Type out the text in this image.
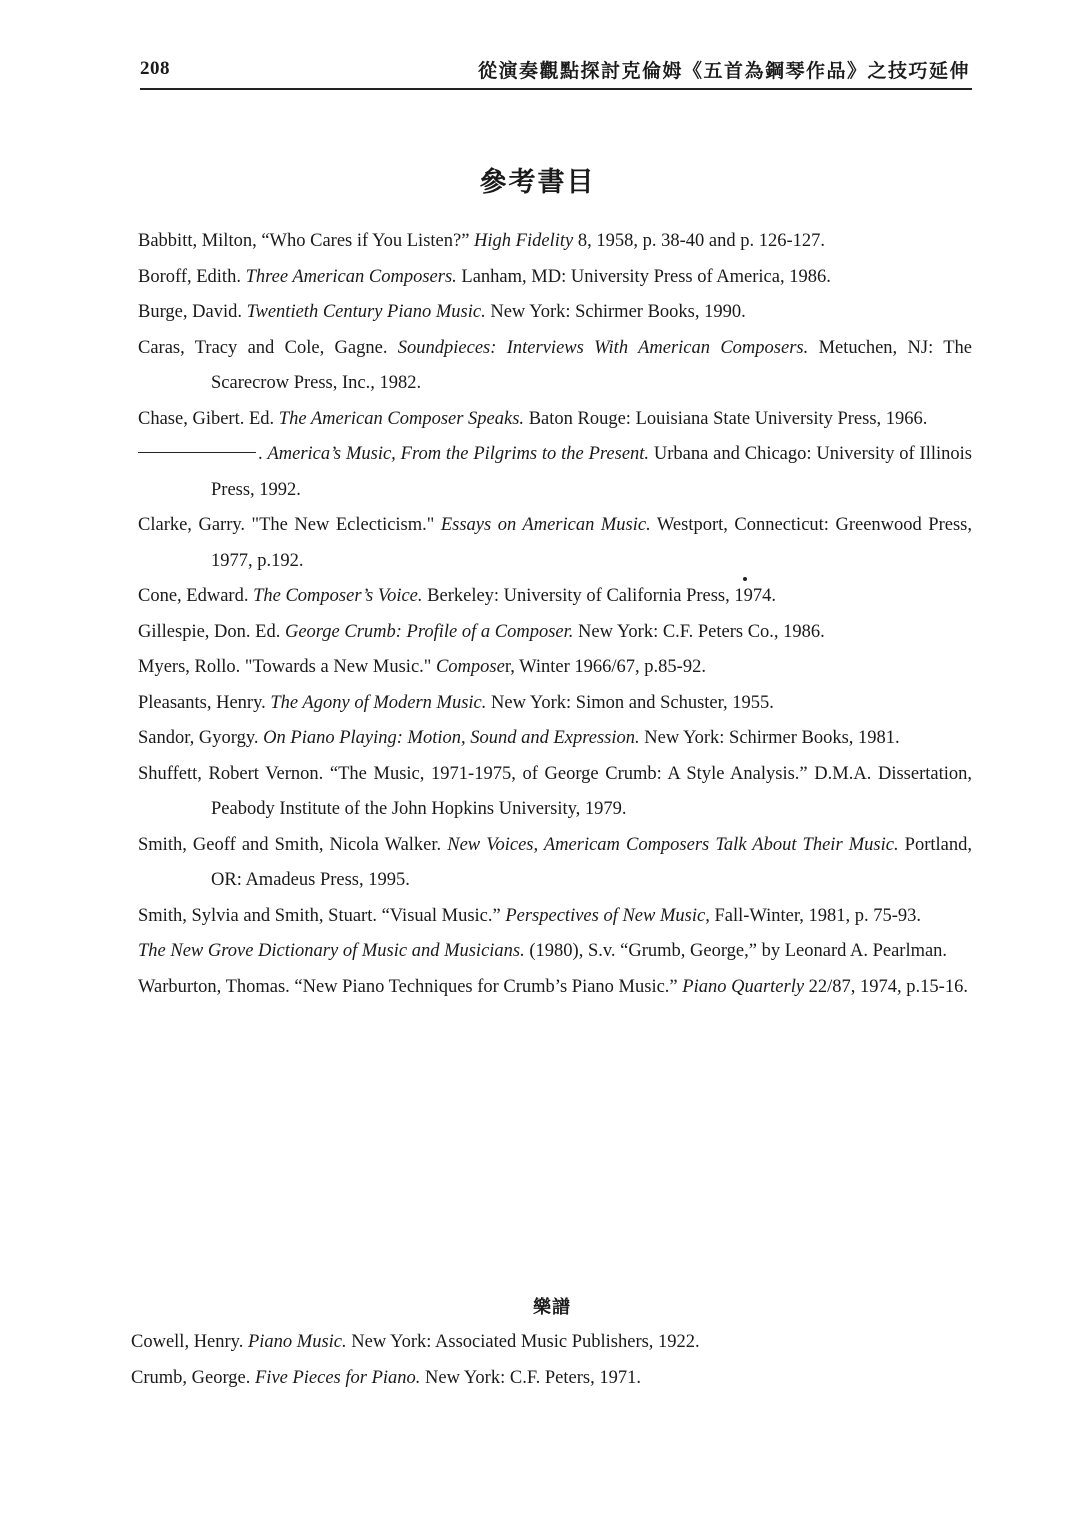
208	從演奏觀點探討克倫姆《五首為鋼琴作品》之技巧延伸
參考書目

Babbitt, Milton, “Who Cares if You Listen?” High Fidelity 8, 1958, p. 38-40 and p. 126-127.

Boroff, Edith. Three American Composers. Lanham, MD: University Press of America, 1986.

Burge, David. Twentieth Century Piano Music. New York: Schirmer Books, 1990.

Caras, Tracy and Cole, Gagne. Soundpieces: Interviews With American Composers. Metuchen, NJ: The Scarecrow Press, Inc., 1982.

Chase, Gibert. Ed. The American Composer Speaks. Baton Rouge: Louisiana State University Press, 1966.

. America’s Music, From the Pilgrims to the Present. Urbana and Chicago: University of Illinois Press, 1992.

Clarke, Garry. "The New Eclecticism." Essays on American Music. Westport, Connecticut: Greenwood Press, 1977, p.192.

Cone, Edward. The Composer’s Voice. Berkeley: University of California Press, 1974.

Gillespie, Don. Ed. George Crumb: Profile of a Composer. New York: C.F. Peters Co., 1986.

Myers, Rollo. "Towards a New Music." Composer, Winter 1966/67, p.85-92.

Pleasants, Henry. The Agony of Modern Music. New York: Simon and Schuster, 1955.

Sandor, Gyorgy. On Piano Playing: Motion, Sound and Expression. New York: Schirmer Books, 1981.

Shuffett, Robert Vernon. “The Music, 1971-1975, of George Crumb: A Style Analysis.” D.M.A. Dissertation, Peabody Institute of the John Hopkins University, 1979.

Smith, Geoff and Smith, Nicola Walker. New Voices, Americam Composers Talk About Their Music. Portland, OR: Amadeus Press, 1995.

Smith, Sylvia and Smith, Stuart. “Visual Music.” Perspectives of New Music, Fall-Winter, 1981, p. 75-93.

The New Grove Dictionary of Music and Musicians. (1980), S.v. “Grumb, George,” by Leonard A. Pearlman.

Warburton, Thomas. “New Piano Techniques for Crumb’s Piano Music.” Piano Quarterly 22/87, 1974, p.15-16.

樂譜

Cowell, Henry. Piano Music. New York: Associated Music Publishers, 1922.

Crumb, George. Five Pieces for Piano. New York: C.F. Peters, 1971.
